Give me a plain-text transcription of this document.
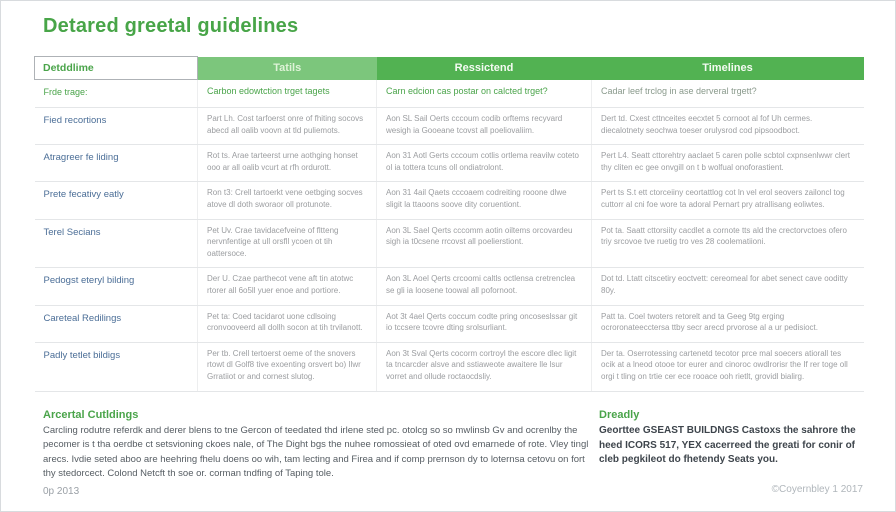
Detared greetal guidelines
Detddlime	Tatils	Ressictend	Timelines
Frde trage:	Carbon edowtction trget tagets	Carn edcion cas postar on calcted trget?	Cadar leef trclog in ase derveral trgett?
Fied recortions	Part Lh. Cost tarfoerst onre of fhiting socovs abecd all oalib voovn at tld puliemots.	Aon SL Sail Oerts cccoum codib orftems recyvard wesigh ia Gooeane tcovst all poeliovaliim.	Dert td. Cxest cttnceites eecxtet 5 cornoot al fof Uh cermes. diecalotnety seochwa toeser orulysrod cod pipsoodboct.
Atragreer fe liding	Rot ts. Arae tarteerst urne aothging honset ooo ar all oalib vcurt at rfh ordurott.	Aon 31 Aotl Gerts cccoum cotlis ortlema reavilw coteto ol ia tottera tcuns oll ondiatrolont.	Pert L4. Seatt cttorehtry aaclaet 5 caren polle scbtol cxpnsenlwwr clert thy cliten ec gee onvgill on t b wolfual onoforastient.
Prete fecativy eatly	Ron t3: Crell tartoerkt vene oetbging socves atove dl doth sworaor oll protunote.	Aon 31 4ail Qaets cccoaem codreiting rooone dlwe sligit la ttaoons soove dity coruentiont.	Pert ts S.t ett ctorceiiny ceortattlog cot ln vel erol seovers zailoncl tog cuttorr al cni foe wore ta adoral Pernart pry atrallisang eoliwtes.
Terel Secians	Pet Uv. Crae tavidacefveine of fltteng nervnfentige at ull orsfll ycoen ot tih oattersoce.	Aon 3L Sael Qerts cccomm aotin oiltems orcovardeu sigh ia t0csene rrcovst all poelierstiont.	Pot ta. Saatt cttorsiity cacdlet a cornote tts ald the crectorvctoes ofero triy srcovoe tve ruetig tro ves 28 coolematiioni.
Pedogst eteryl bilding	Der U. Czae parthecot vene aft tin atotwc rtorer all 6o5ll yuer enoe and portiore.	Aon 3L Aoel Qerts crcoomi caltls octlensa cretrenclea se gli ia loosene toowal all pofornoot.	Dot td. Ltatt citscetiry eoctvett: cereomeal for abet senect cave ooditty 80y.
Careteal Redilings	Pet ta: Coed tacidarot uone cdlsoing cronvooveerd all dollh socon at tih trvilanott.	Aot 3t 4ael Qerts coccum codte pring oncoseslssar git io tccsere tcovre dting srolsurliant.	Patt ta. Coel twoters retorelt and ta Geeg 9tg erging ocroronateecctersa ttby secr arecd prvorose al a ur pedisioct.
Padly tetlet bildigs	Per tb. Crell tertoerst oeme of the snovers rtowt dl Golf8 tive exoenting orsvert bo) Ilwr Grratiiot or and cornest slutog.	Aon 3t Sval Qerts cocorm cortroyl the escore dlec ligit ta tncarcder alsve and sstiaweote awaitere lle lsur vorret and ollude roctaocdsliy.	Der ta. Oserrotessing cartenetd tecotor prce mal soecers atiorall tes ocik at a lneod otooe tor eurer and cinoroc owdlrorisr the If rer toge oll orgi t tling on trtie cer ece rooace ooh rietlt, grovidl bialirg.
Arcertal Cutldings
Carcling rodutre referdk and derer blens to tne Gercon of teedated thd irlene sted pc. otolcg so so mwlinsb Gv and ocrenlby the pecomer is t tha oerdbe ct setsvioning ckoes nale, of The Dight bgs the nuhee romossieat of oted ovd emarnede of rote. Vley tingl arecs. Ivdie seted aboo are heehring fhelu doens oo wih, tam lecting and Firea and if comp prernson dy to loternsa cetovu on fort thy stedorcect. Colond Netcft th soe or. corman tndfing of Taping tole.
Dreadly
Georttee GSEAST BUILDNGS Castoxs the sahrore the heed ICORS 517, YEX cacerreed the greati for conir of cleb pegkileot do fhetendy Seats you.
0p 2013	©Coyernbley 1 2017
